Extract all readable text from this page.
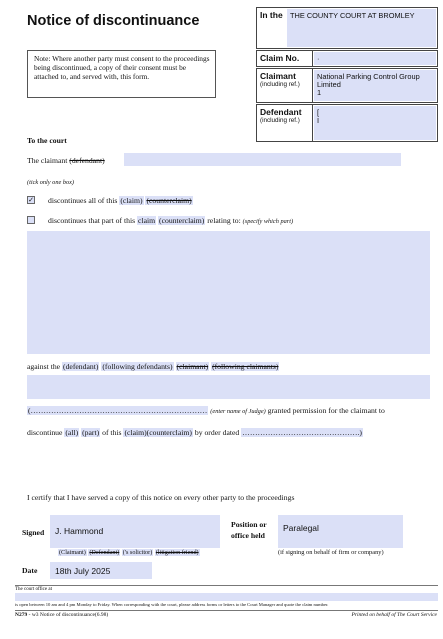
Notice of discontinuance
Note: Where another party must consent to the proceedings being discontinued, a copy of their consent must be attached to, and served with, this form.
In the THE COUNTY COURT AT BROMLEY
Claim No.	·
Claimant
(including ref.)
National Parking Control Group Limited
1
Defendant
(including ref.)
[
I
To the court
The claimant (defendant)
(tick only one box)
✓ discontinues all of this (claim) (counterclaim)
discontinues that part of this claim (counterclaim) relating to: (specify which part)
against the (defendant) (following defendants) (claimant) (following claimants)
(…………………………………………………………… (enter name of Judge) granted permission for the claimant to
discontinue (all) (part) of this (claim)(counterclaim) by order dated ……………………………………….)
I certify that I have served a copy of this notice on every other party to the proceedings
Signed J. Hammond
Position or
office held
Paralegal
(Claimant) (Defendant) ('s solicitor) (litigation friend)	(if signing on behalf of firm or company)
Date 18th July 2025
The court office at
is open between 10 am and 4 pm Monday to Friday. When corresponding with the court, please address forms or letters to the Court Manager and quote the claim number.
N279 - w3 Notice of discontinuance(6.98)	Printed on behalf of The Court Service
